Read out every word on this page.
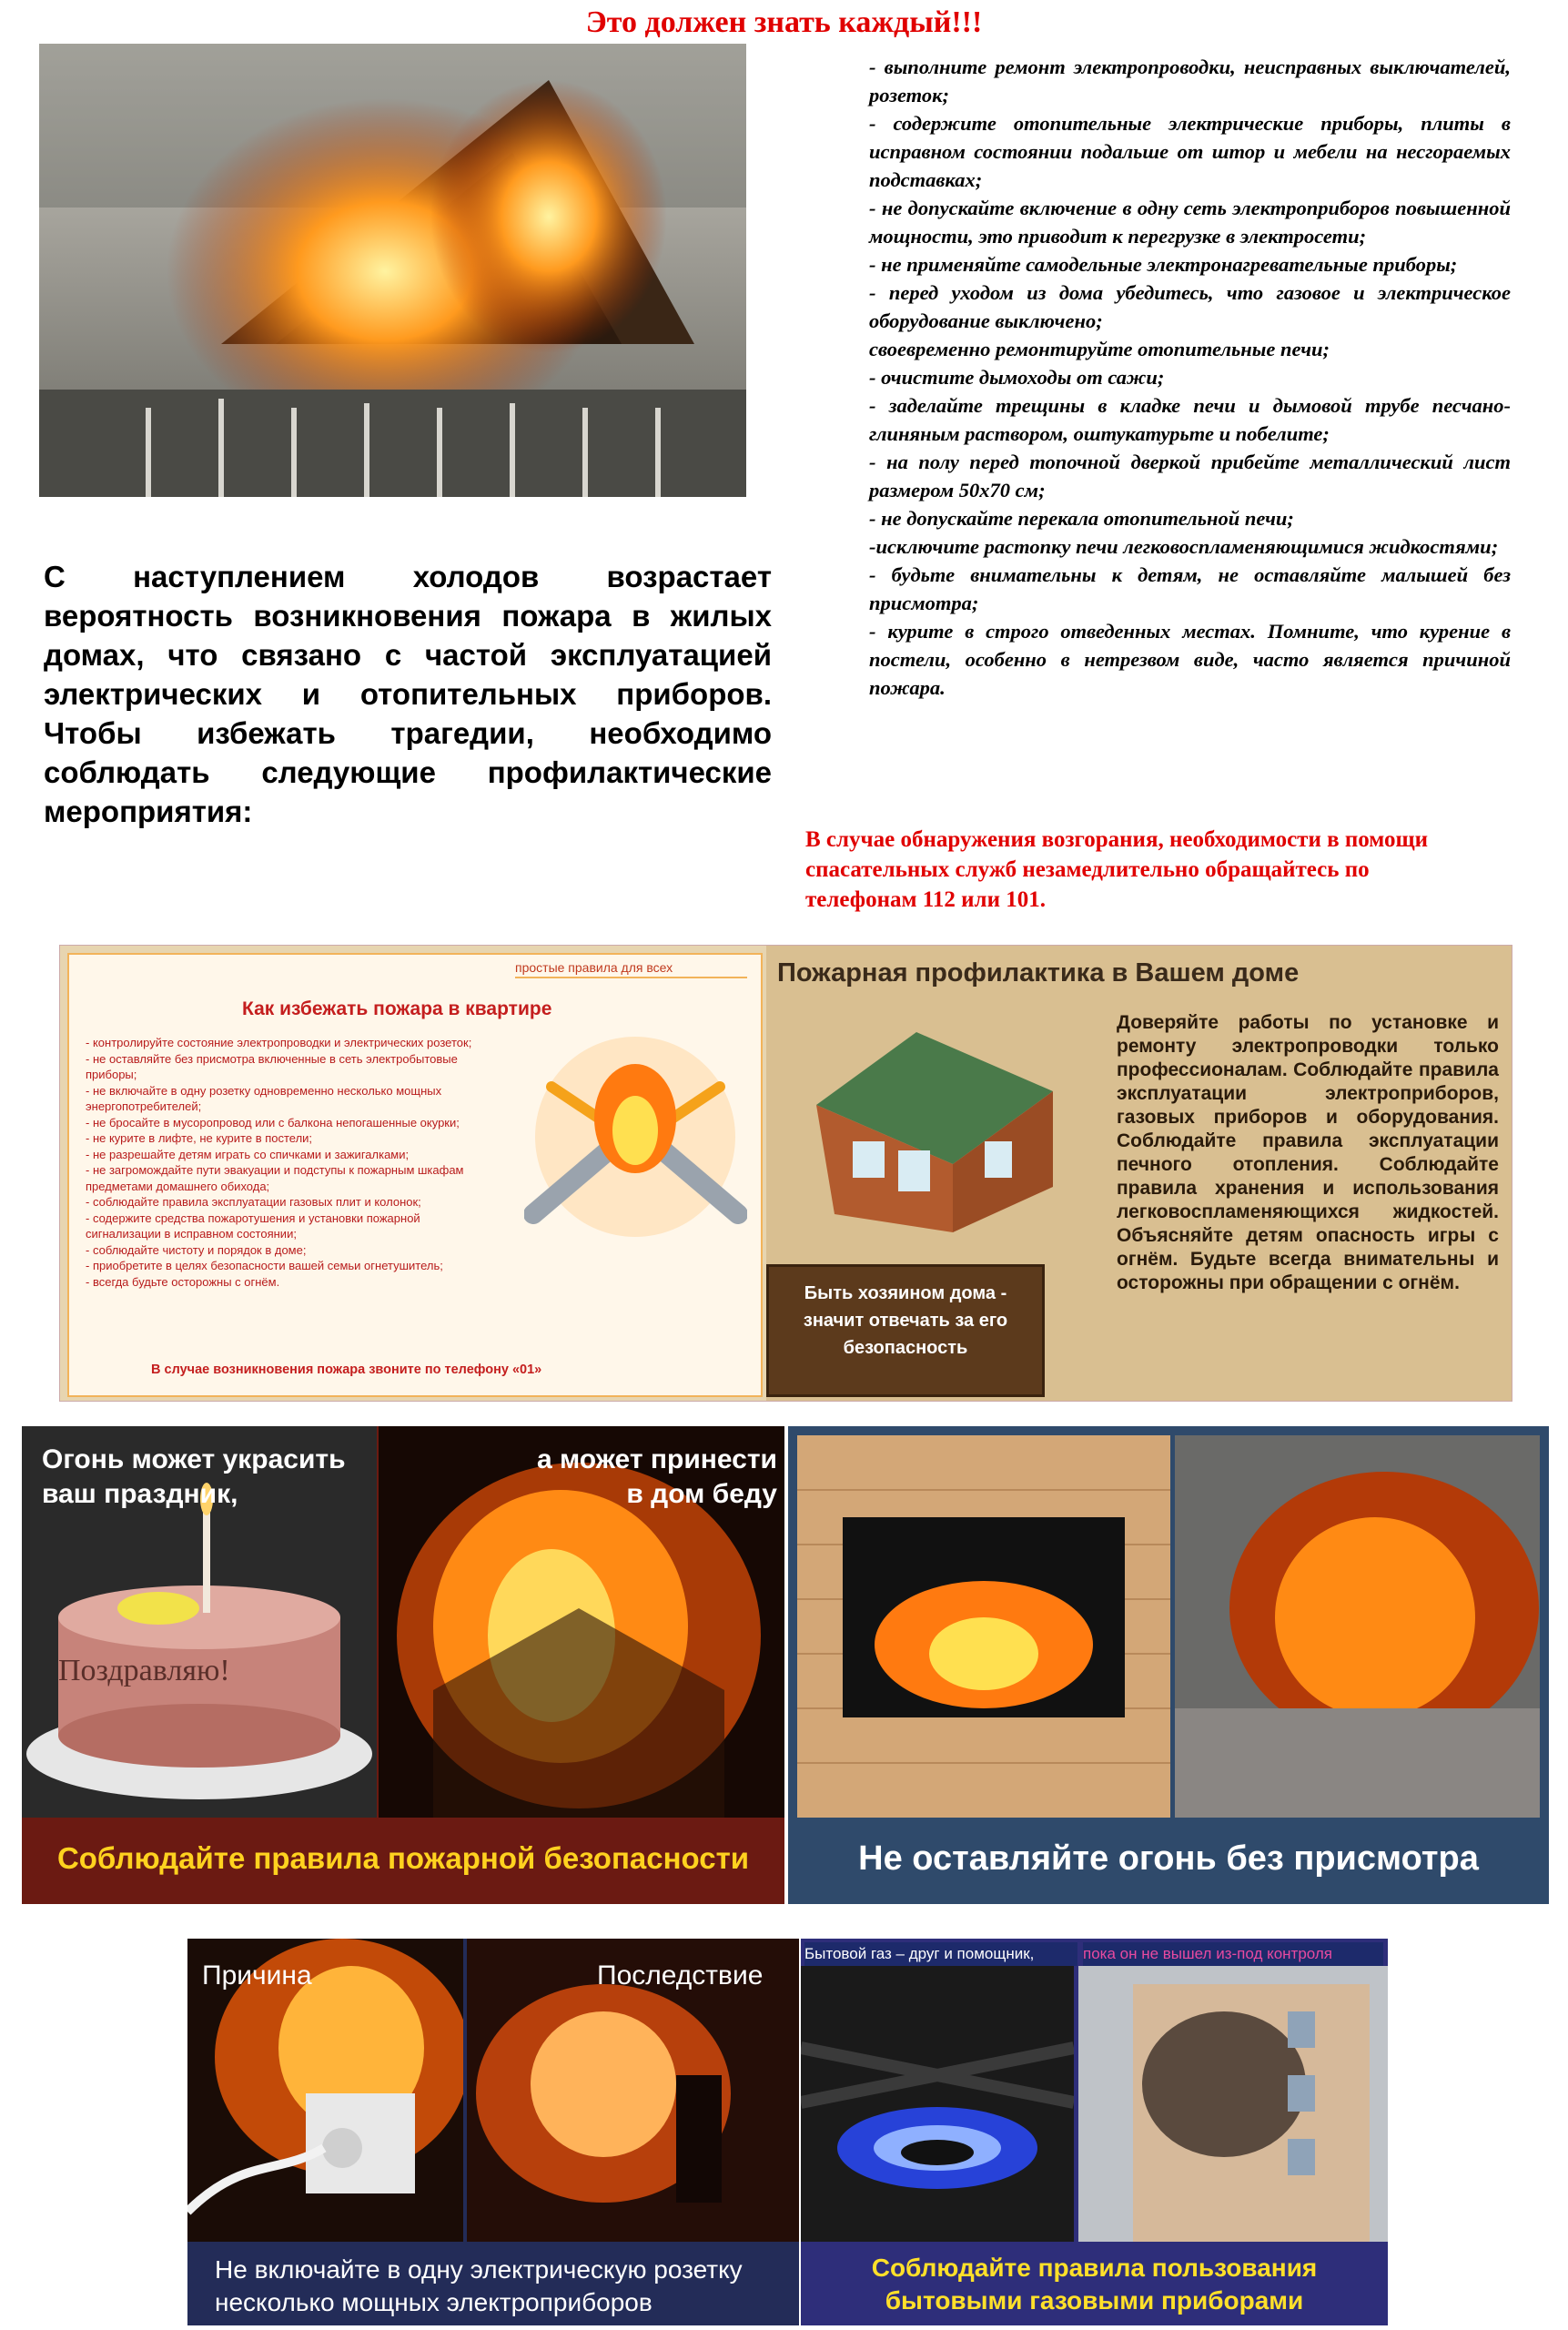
Это должен знать каждый!!!
- выполните ремонт электропроводки, неисправных выключателей, розеток;
- содержите отопительные электрические приборы, плиты в исправном состоянии подальше от штор и мебели на несгораемых подставках;
- не допускайте включение в одну сеть электроприборов повышенной мощности, это приводит к перегрузке в электросети;
- не применяйте самодельные электронагревательные приборы;
- перед уходом из дома убедитесь, что газовое и электрическое оборудование выключено;
своевременно ремонтируйте отопительные печи;
- очистите дымоходы от сажи;
- заделайте трещины в кладке печи и дымовой трубе песчано-глиняным раствором, оштукатурьте и побелите;
- на полу перед топочной дверкой прибейте металлический лист размером 50х70 см;
- не допускайте перекала отопительной печи;
-исключите растопку печи легковоспламеняющимися жидкостями;
- будьте внимательны к детям, не оставляйте малышей без присмотра;
- курите в строго отведенных местах. Помните, что курение в постели, особенно в нетрезвом виде, часто является причиной пожара.
С наступлением холодов возрастает вероятность возникновения пожара в жилых домах, что связано с частой эксплуатацией электрических и отопительных приборов. Чтобы избежать трагедии, необходимо соблюдать следующие профилактические мероприятия:
В случае обнаружения возгорания, необходимости в помощи спасательных служб незамедлительно обращайтесь по телефонам 112 или 101.
простые правила для всех
Как избежать пожара в квартире
- контролируйте состояние электропроводки и электрических розеток;
- не оставляйте без присмотра включенные в сеть электробытовые приборы;
- не включайте в одну розетку одновременно несколько мощных энергопотребителей;
- не бросайте в мусоропровод или с балкона непогашенные окурки;
- не курите в лифте, не курите в постели;
- не разрешайте детям играть со спичками и зажигалками;
- не загромождайте пути эвакуации и подступы к пожарным шкафам предметами домашнего обихода;
- соблюдайте правила эксплуатации газовых плит и колонок;
- содержите средства пожаротушения и установки пожарной сигнализации в исправном состоянии;
- соблюдайте чистоту и порядок в доме;
- приобретите в целях безопасности вашей семьи огнетушитель;
- всегда будьте осторожны с огнём.
В случае возникновения пожара звоните по телефону «01»
Пожарная профилактика в Вашем доме
Быть хозяином дома - значит отвечать за его безопасность
Доверяйте работы по установке и ремонту электропроводки только профессионалам. Соблюдайте правила эксплуатации электроприборов, газовых приборов и оборудования. Соблюдайте правила эксплуатации печного отопления. Соблюдайте правила хранения и использования легковоспламеняющихся жидкостей. Объясняйте детям опасность игры с огнём. Будьте всегда внимательны и осторожны при обращении с огнём.
Поздравляю!
Огонь может украсить ваш праздник,
а может принести в дом беду
Соблюдайте правила пожарной безопасности	Не оставляйте огонь без присмотра
Причина	Последствие
Не включайте в одну электрическую розетку несколько мощных электроприборов
Бытовой газ – друг и помощник,	пока он не вышел из-под контроля
Соблюдайте правила пользования бытовыми газовыми приборами
